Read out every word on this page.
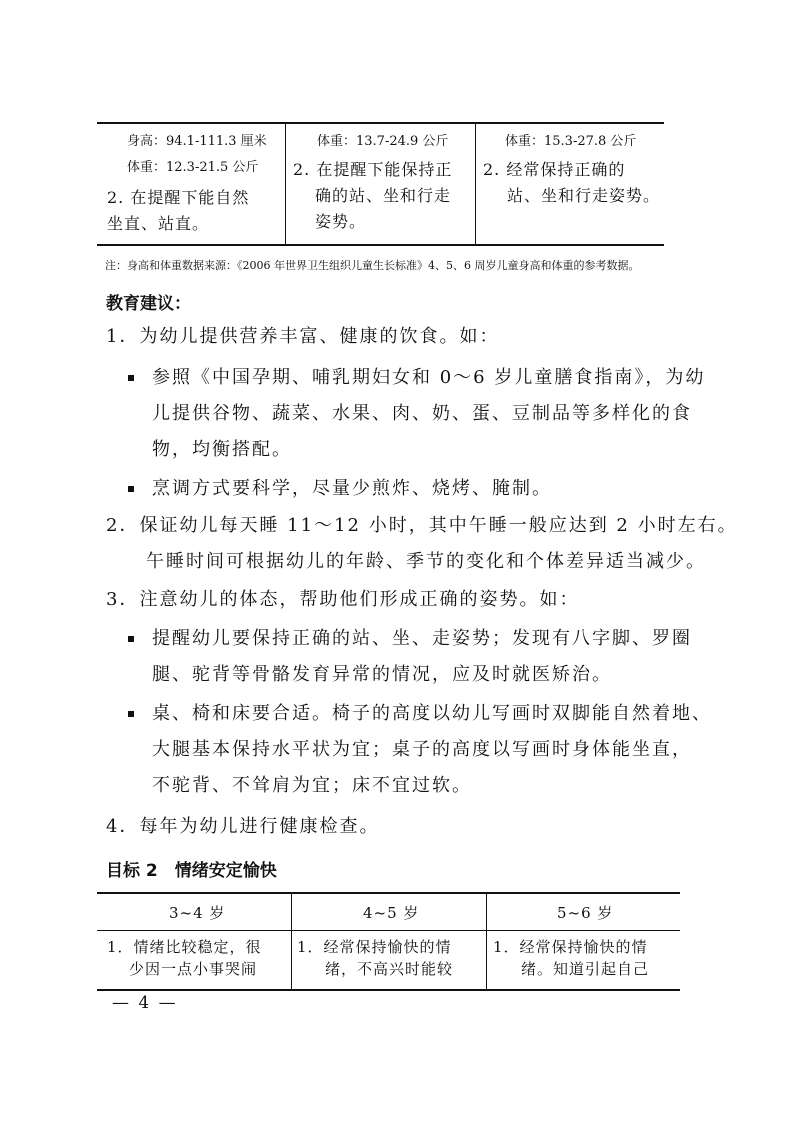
身高：94.1-111.3 厘米
体重：12.3-21.5 公斤
2. 在提醒下能自然
坐直、站直。
体重：13.7-24.9 公斤
2. 在提醒下能保持正
确的站、坐和行走
姿势。
体重：15.3-27.8 公斤
2. 经常保持正确的
站、坐和行走姿势。
注：身高和体重数据来源：《2006 年世界卫生组织儿童生长标准》4、5、6 周岁儿童身高和体重的参考数据。
教育建议：
1．为幼儿提供营养丰富、健康的饮食。如：
参照《中国孕期、哺乳期妇女和 0～6 岁儿童膳食指南》，为幼
儿提供谷物、蔬菜、水果、肉、奶、蛋、豆制品等多样化的食
物，均衡搭配。
烹调方式要科学，尽量少煎炸、烧烤、腌制。
2．保证幼儿每天睡 11～12 小时，其中午睡一般应达到 2 小时左右。
午睡时间可根据幼儿的年龄、季节的变化和个体差异适当减少。
3．注意幼儿的体态，帮助他们形成正确的姿势。如：
提醒幼儿要保持正确的站、坐、走姿势；发现有八字脚、罗圈
腿、驼背等骨骼发育异常的情况，应及时就医矫治。
桌、椅和床要合适。椅子的高度以幼儿写画时双脚能自然着地、
大腿基本保持水平状为宜；桌子的高度以写画时身体能坐直，
不驼背、不耸肩为宜；床不宜过软。
4．每年为幼儿进行健康检查。
目标 2　情绪安定愉快
3~4 岁	4~5 岁	5~6 岁
1．情绪比较稳定，很
少因一点小事哭闹
1．经常保持愉快的情
绪，不高兴时能较
1．经常保持愉快的情
绪。知道引起自己
— 4 —
